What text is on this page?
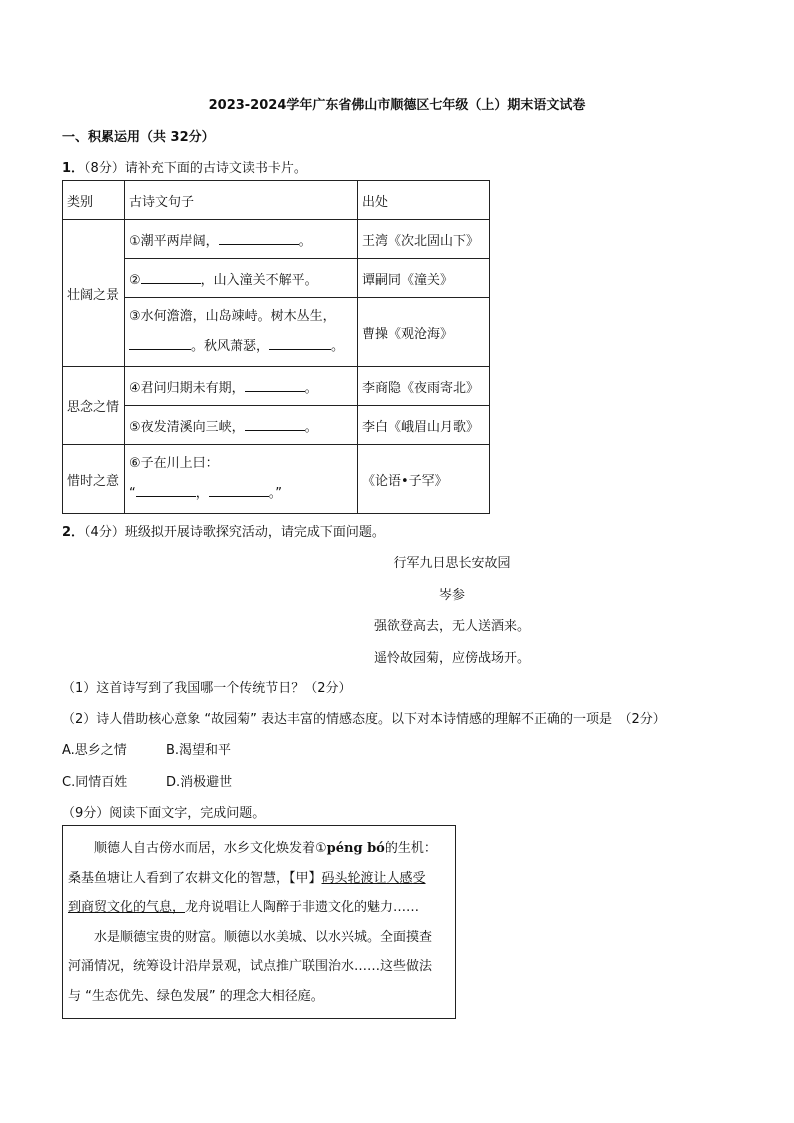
2023-2024学年广东省佛山市顺德区七年级（上）期末语文试卷
一、积累运用（共 32分）
1．（8分）请补充下面的古诗文读书卡片。
类别	古诗文句子	出处
壮阔之景	①潮平两岸阔， 。	王湾《次北固山下》
	② ，山入潼关不解平。	谭嗣同《潼关》

	③水何澹澹，山岛竦峙。树木丛生，
。秋风萧瑟， 。	曹操《观沧海》
思念之情	④君问归期未有期， 。	李商隐《夜雨寄北》
	⑤夜发清溪向三峡， 。	李白《峨眉山月歌》
惜时之意	⑥子在川上曰：
“ ， 。”	《论语•子罕》
2．（4分）班级拟开展诗歌探究活动，请完成下面问题。
行军九日思长安故园
岑参
强欲登高去，无人送酒来。
遥怜故园菊，应傍战场开。
（1）这首诗写到了我国哪一个传统节日？（2分）
（2）诗人借助核心意象 “故园菊” 表达丰富的情感态度。以下对本诗情感的理解不正确的一项是　（2分）
A.思乡之情	B.渴望和平
C.同情百姓	D.消极避世
（9分）阅读下面文字，完成问题。

顺德人自古傍水而居，水乡文化焕发着①péng bó的生机：

桑基鱼塘让人看到了农耕文化的智慧，【甲】码头轮渡让人感受
到商贸文化的气息，龙舟说唱让人陶醉于非遗文化的魅力……

水是顺德宝贵的财富。顺德以水美城、以水兴城。全面摸查

河涌情况，统筹设计沿岸景观，试点推广联围治水……这些做法
与 “生态优先、绿色发展” 的理念大相径庭。
